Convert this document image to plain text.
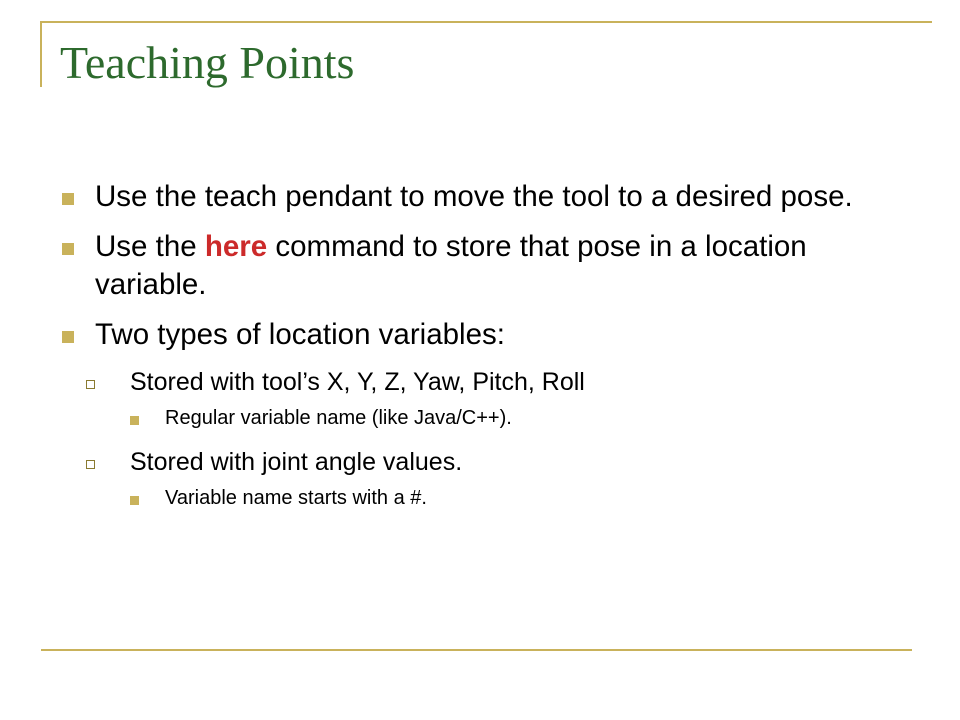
Teaching Points
Use the teach pendant to move the tool to a desired pose.
Use the here command to store that pose in a location variable.
Two types of location variables:
Stored with tool’s X, Y, Z, Yaw, Pitch, Roll
Regular variable name (like Java/C++).
Stored with joint angle values.
Variable name starts with a #.
